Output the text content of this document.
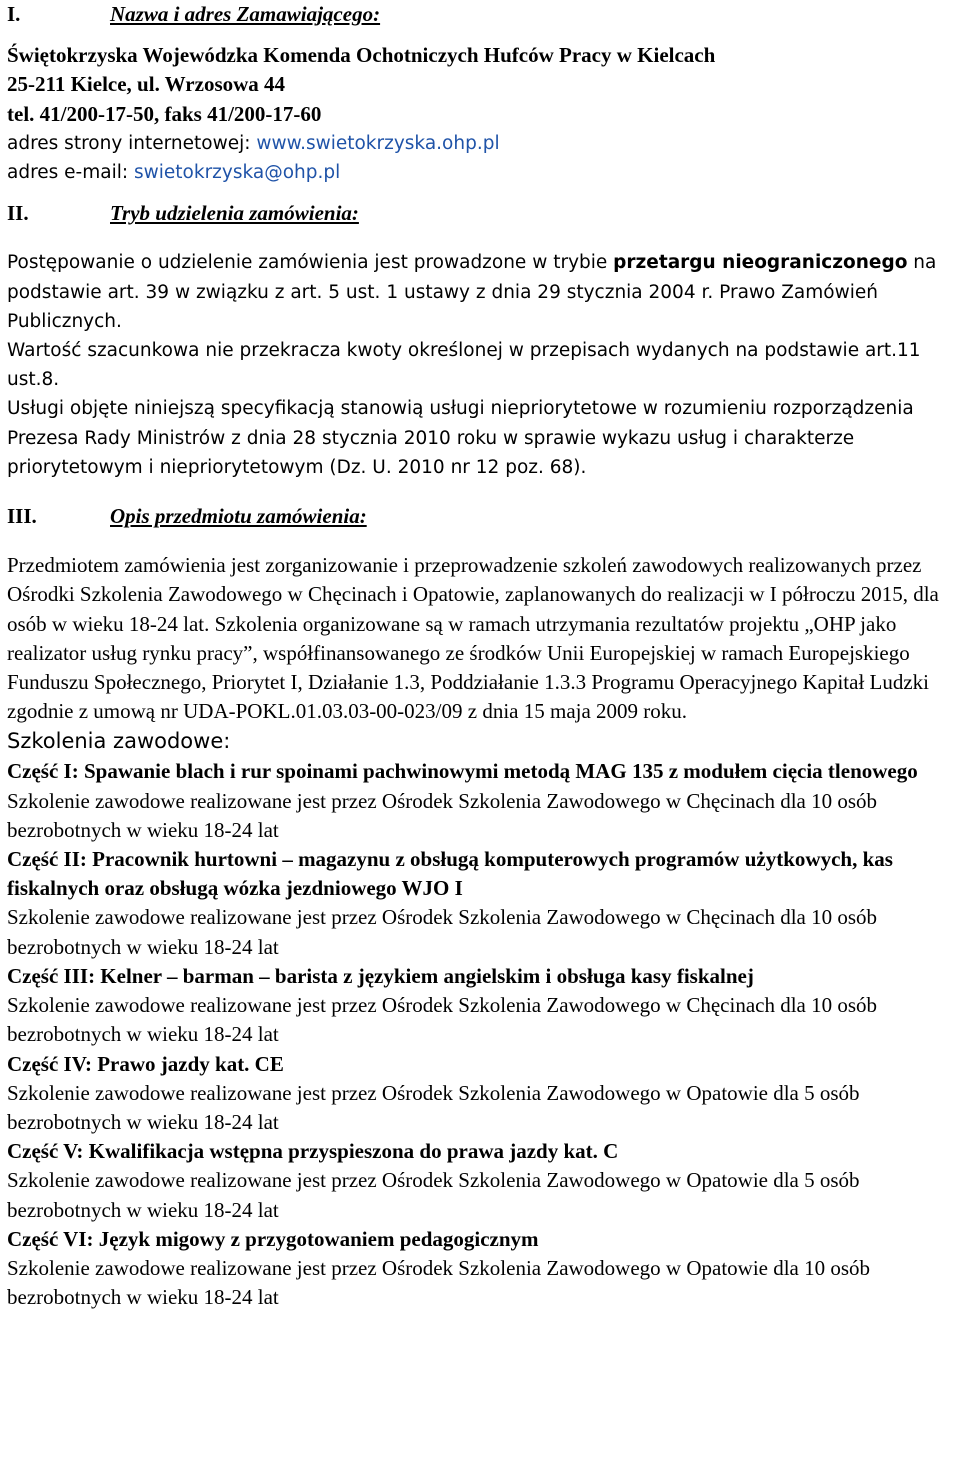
I.	Nazwa i adres Zamawiającego:

Świętokrzyska Wojewódzka Komenda Ochotniczych Hufców Pracy w Kielcach

25-211 Kielce, ul. Wrzosowa 44

tel. 41/200-17-50, faks 41/200-17-60

adres strony internetowej: www.swietokrzyska.ohp.pl

adres e-mail: swietokrzyska@ohp.pl

II.	Tryb udzielenia zamówienia:

Postępowanie o udzielenie zamówienia jest prowadzone w trybie przetargu nieograniczonego na podstawie art. 39 w związku z art. 5 ust. 1 ustawy z dnia 29 stycznia 2004 r. Prawo Zamówień Publicznych.

Wartość szacunkowa nie przekracza kwoty określonej w przepisach wydanych na podstawie art.11 ust.8.

Usługi objęte niniejszą specyfikacją stanowią usługi niepriorytetowe w rozumieniu rozporządzenia Prezesa Rady Ministrów z dnia 28 stycznia 2010 roku w sprawie wykazu usług i charakterze priorytetowym i niepriorytetowym (Dz. U. 2010 nr 12 poz. 68).

III.	Opis przedmiotu zamówienia:

Przedmiotem zamówienia jest zorganizowanie i przeprowadzenie szkoleń zawodowych realizowanych przez Ośrodki Szkolenia Zawodowego w Chęcinach i Opatowie, zaplanowanych do realizacji w I półroczu 2015, dla osób w wieku 18-24 lat. Szkolenia organizowane są w ramach utrzymania rezultatów projektu „OHP jako realizator usług rynku pracy”, współfinansowanego ze środków Unii Europejskiej w ramach Europejskiego Funduszu Społecznego, Priorytet I, Działanie 1.3, Poddziałanie 1.3.3 Programu Operacyjnego Kapitał Ludzki zgodnie z umową nr UDA-POKL.01.03.03-00-023/09 z dnia 15 maja 2009 roku.

Szkolenia zawodowe:

Część I: Spawanie blach i rur spoinami pachwinowymi metodą MAG 135 z modułem cięcia tlenowego

Szkolenie zawodowe realizowane jest przez Ośrodek Szkolenia Zawodowego w Chęcinach dla 10 osób bezrobotnych w wieku 18-24 lat

Część II: Pracownik hurtowni – magazynu z obsługą komputerowych programów użytkowych, kas fiskalnych oraz obsługą wózka jezdniowego WJO I

Szkolenie zawodowe realizowane jest przez Ośrodek Szkolenia Zawodowego w Chęcinach dla 10 osób bezrobotnych w wieku 18-24 lat

Część III: Kelner – barman – barista z językiem angielskim i obsługa kasy fiskalnej

Szkolenie zawodowe realizowane jest przez Ośrodek Szkolenia Zawodowego w Chęcinach dla 10 osób bezrobotnych w wieku 18-24 lat

Część IV: Prawo jazdy kat. CE

Szkolenie zawodowe realizowane jest przez Ośrodek Szkolenia Zawodowego w Opatowie dla 5 osób bezrobotnych w wieku 18-24 lat

Część V: Kwalifikacja wstępna przyspieszona do prawa jazdy kat. C

Szkolenie zawodowe realizowane jest przez Ośrodek Szkolenia Zawodowego w Opatowie dla 5 osób bezrobotnych w wieku 18-24 lat

Część VI: Język migowy z przygotowaniem pedagogicznym

Szkolenie zawodowe realizowane jest przez Ośrodek Szkolenia Zawodowego w Opatowie dla 10 osób bezrobotnych w wieku 18-24 lat
